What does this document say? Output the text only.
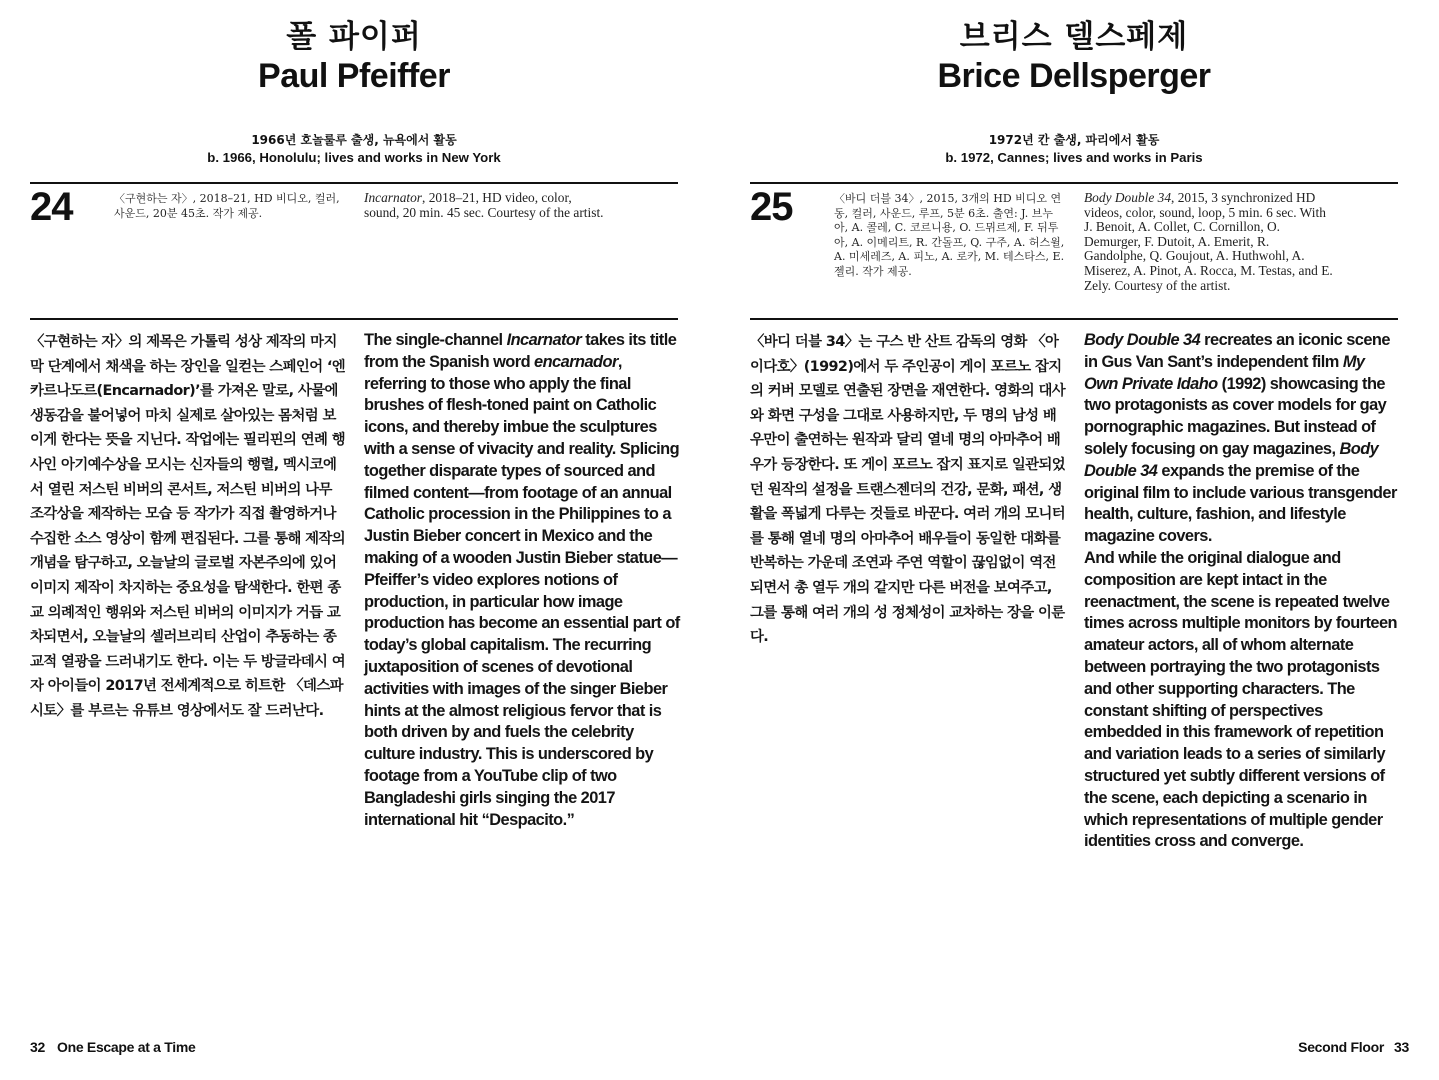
폴 파이퍼
Paul Pfeiffer
1966년 호놀룰루 출생, 뉴욕에서 활동
b. 1966, Honolulu; lives and works in New York
24	〈구현하는 자〉, 2018–21, HD 비디오, 컬러, 사운드, 20분 45초. 작가 제공.
Incarnator, 2018–21, HD video, color, sound, 20 min. 45 sec. Courtesy of the artist.
〈구현하는 자〉의 제목은 가톨릭 성상 제작의 마지막 단계에서 채색을 하는 장인을 일컫는 스페인어 ‘엔카르나도르(Encarnador)’를 가져온 말로, 사물에 생동감을 불어넣어 마치 실제로 살아있는 몸처럼 보이게 한다는 뜻을 지닌다. 작업에는 필리핀의 연례 행사인 아기예수상을 모시는 신자들의 행렬, 멕시코에서 열린 저스틴 비버의 콘서트, 저스틴 비버의 나무 조각상을 제작하는 모습 등 작가가 직접 촬영하거나 수집한 소스 영상이 함께 편집된다. 그를 통해 제작의 개념을 탐구하고, 오늘날의 글로벌 자본주의에 있어 이미지 제작이 차지하는 중요성을 탐색한다. 한편 종교 의례적인 행위와 저스틴 비버의 이미지가 거듭 교차되면서, 오늘날의 셀러브리티 산업이 추동하는 종교적 열광을 드러내기도 한다. 이는 두 방글라데시 여자 아이들이 2017년 전세계적으로 히트한 〈데스파시토〉를 부르는 유튜브 영상에서도 잘 드러난다.
The single-channel Incarnator takes its title from the Spanish word encarnador, referring to those who apply the final brushes of flesh-toned paint on Catholic icons, and thereby imbue the sculptures with a sense of vivacity and reality. Splicing together disparate types of sourced and filmed content—from footage of an annual Catholic procession in the Philippines to a Justin Bieber concert in Mexico and the making of a wooden Justin Bieber statue—Pfeiffer’s video explores notions of production, in particular how image production has become an essential part of today’s global capitalism. The recurring juxtaposition of scenes of devotional activities with images of the singer Bieber hints at the almost religious fervor that is both driven by and fuels the celebrity culture industry. This is underscored by footage from a YouTube clip of two Bangladeshi girls singing the 2017 international hit “Despacito.”
32 One Escape at a Time
브리스 델스페제
Brice Dellsperger
1972년 칸 출생, 파리에서 활동
b. 1972, Cannes; lives and works in Paris
25	〈바디 더블 34〉, 2015, 3개의 HD 비디오 연동, 컬러, 사운드, 루프, 5분 6초. 출연: J. 브누아, A. 콜레, C. 코르니용, O. 드뮈르제, F. 뒤투아, A. 이메리트, R. 간돌프, Q. 구주, A. 허스윌, A. 미세레즈, A. 피노, A. 로카, M. 테스타스, E. 젤리. 작가 제공.
Body Double 34, 2015, 3 synchronized HD videos, color, sound, loop, 5 min. 6 sec. With J. Benoit, A. Collet, C. Cornillon, O. Demurger, F. Dutoit, A. Emerit, R. Gandolphe, Q. Goujout, A. Huthwohl, A. Miserez, A. Pinot, A. Rocca, M. Testas, and E. Zely. Courtesy of the artist.
〈바디 더블 34〉는 구스 반 산트 감독의 영화 〈아이다호〉(1992)에서 두 주인공이 게이 포르노 잡지의 커버 모델로 연출된 장면을 재연한다. 영화의 대사와 화면 구성을 그대로 사용하지만, 두 명의 남성 배우만이 출연하는 원작과 달리 열네 명의 아마추어 배우가 등장한다. 또 게이 포르노 잡지 표지로 일관되었던 원작의 설정을 트랜스젠더의 건강, 문화, 패션, 생활을 폭넓게 다루는 것들로 바꾼다. 여러 개의 모니터를 통해 열네 명의 아마추어 배우들이 동일한 대화를 반복하는 가운데 조연과 주연 역할이 끊임없이 역전되면서 총 열두 개의 같지만 다른 버전을 보여주고, 그를 통해 여러 개의 성 정체성이 교차하는 장을 이룬다.
Body Double 34 recreates an iconic scene in Gus Van Sant’s independent film My Own Private Idaho (1992) showcasing the two protagonists as cover models for gay pornographic magazines. But instead of solely focusing on gay magazines, Body Double 34 expands the premise of the original film to include various transgender health, culture, fashion, and lifestyle magazine covers.
And while the original dialogue and composition are kept intact in the reenactment, the scene is repeated twelve times across multiple monitors by fourteen amateur actors, all of whom alternate between portraying the two protagonists and other supporting characters. The constant shifting of perspectives embedded in this framework of repetition and variation leads to a series of similarly structured yet subtly different versions of the scene, each depicting a scenario in which representations of multiple gender identities cross and converge.
Second Floor 33
